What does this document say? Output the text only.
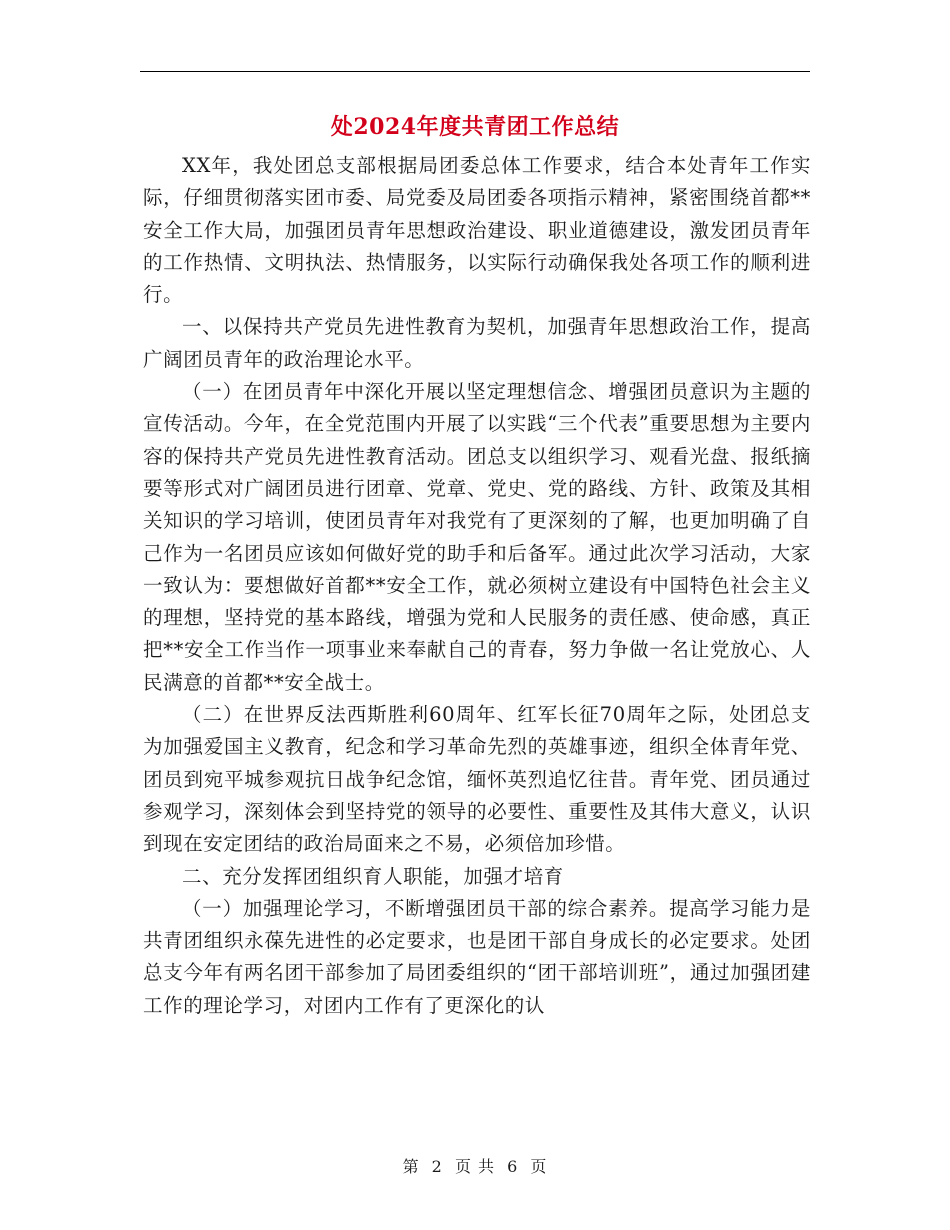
处2024年度共青团工作总结

XX年，我处团总支部根据局团委总体工作要求，结合本处青年工作实际，仔细贯彻落实团市委、局党委及局团委各项指示精神，紧密围绕首都**安全工作大局，加强团员青年思想政治建设、职业道德建设，激发团员青年的工作热情、文明执法、热情服务，以实际行动确保我处各项工作的顺利进行。

一、以保持共产党员先进性教育为契机，加强青年思想政治工作，提高广阔团员青年的政治理论水平。

（一）在团员青年中深化开展以坚定理想信念、增强团员意识为主题的宣传活动。今年，在全党范围内开展了以实践“三个代表”重要思想为主要内容的保持共产党员先进性教育活动。团总支以组织学习、观看光盘、报纸摘要等形式对广阔团员进行团章、党章、党史、党的路线、方针、政策及其相关知识的学习培训，使团员青年对我党有了更深刻的了解，也更加明确了自己作为一名团员应该如何做好党的助手和后备军。通过此次学习活动，大家一致认为：要想做好首都**安全工作，就必须树立建设有中国特色社会主义的理想，坚持党的基本路线，增强为党和人民服务的责任感、使命感，真正把**安全工作当作一项事业来奉献自己的青春，努力争做一名让党放心、人民满意的首都**安全战士。

（二）在世界反法西斯胜利60周年、红军长征70周年之际，处团总支为加强爱国主义教育，纪念和学习革命先烈的英雄事迹，组织全体青年党、团员到宛平城参观抗日战争纪念馆，缅怀英烈追忆往昔。青年党、团员通过参观学习，深刻体会到坚持党的领导的必要性、重要性及其伟大意义，认识到现在安定团结的政治局面来之不易，必须倍加珍惜。

二、充分发挥团组织育人职能，加强才培育

（一）加强理论学习，不断增强团员干部的综合素养。提高学习能力是共青团组织永葆先进性的必定要求，也是团干部自身成长的必定要求。处团总支今年有两名团干部参加了局团委组织的“团干部培训班”，通过加强团建工作的理论学习，对团内工作有了更深化的认

第 2 页 共 6 页
